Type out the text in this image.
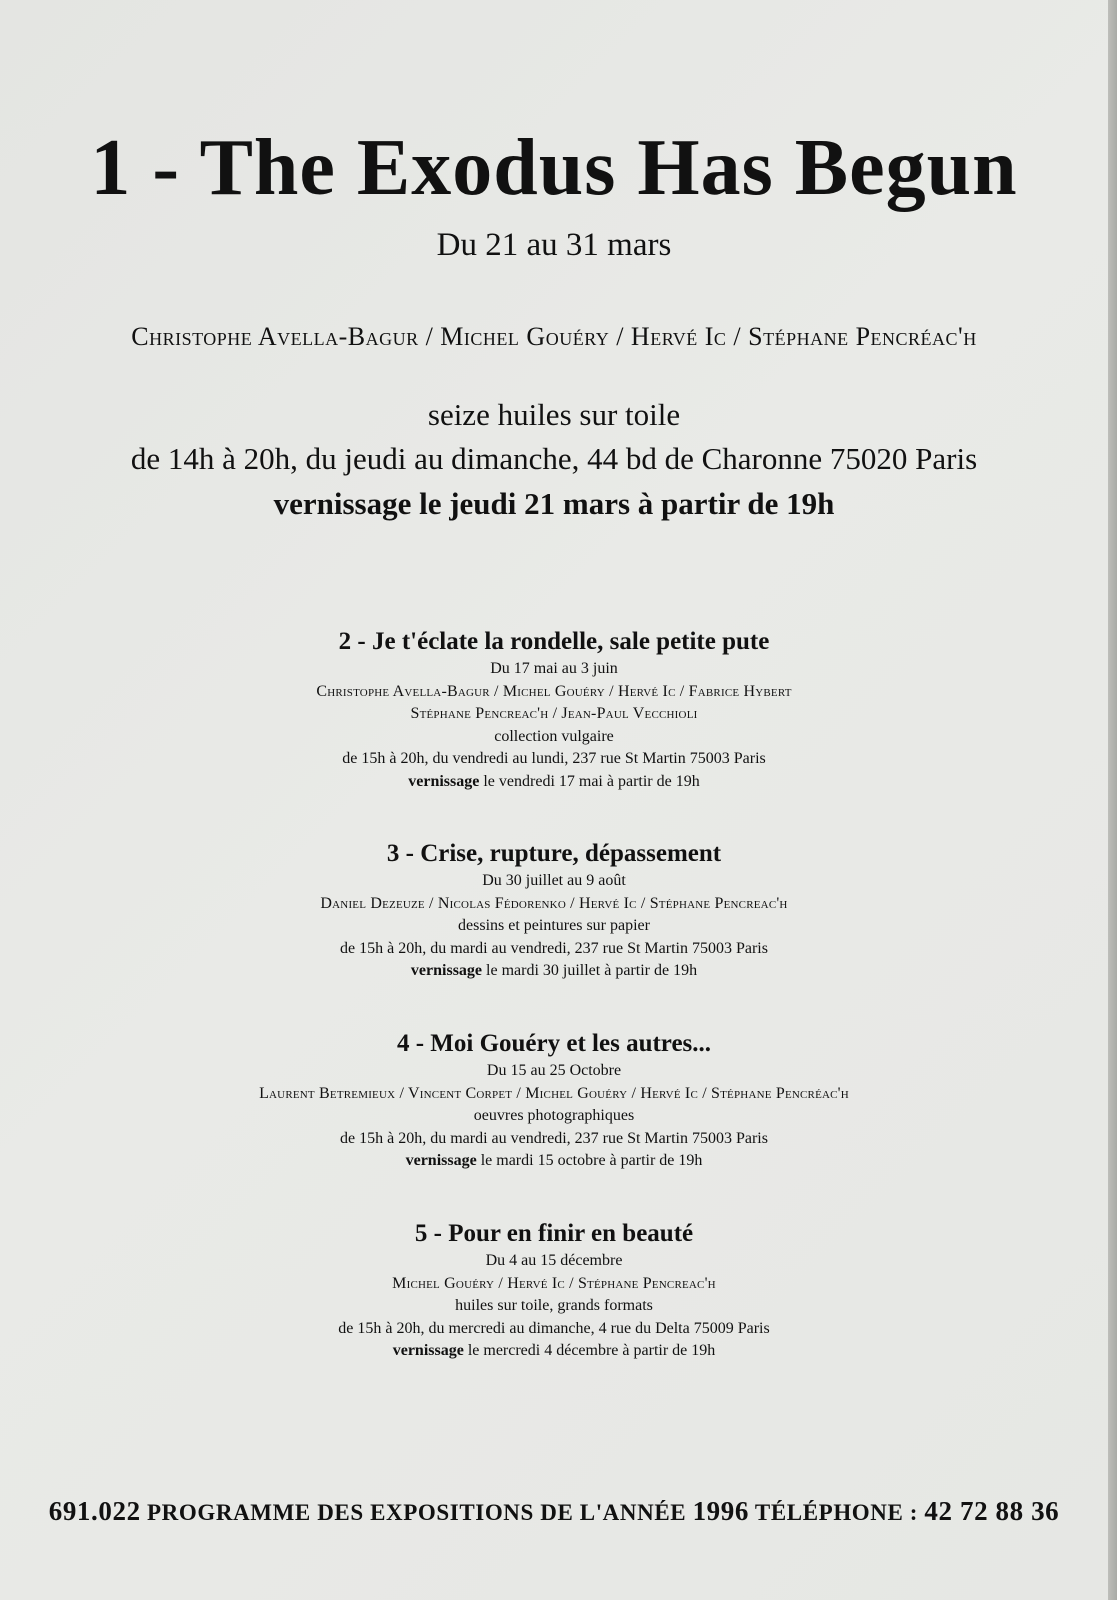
1 - The Exodus Has Begun
Du 21 au 31 mars
Christophe Avella-Bagur / Michel Gouéry / Hervé Ic / Stéphane Pencréac'h
seize huiles sur toile
de 14h à 20h, du jeudi au dimanche, 44 bd de Charonne 75020 Paris
vernissage le jeudi 21 mars à partir de 19h
2 - Je t'éclate la rondelle, sale petite pute
Du 17 mai au 3 juin
Christophe Avella-Bagur / Michel Gouéry / Hervé Ic / Fabrice Hybert
Stéphane Pencreac'h / Jean-Paul Vecchioli
collection vulgaire
de 15h à 20h, du vendredi au lundi, 237 rue St Martin 75003 Paris
vernissage le vendredi 17 mai à partir de 19h
3 - Crise, rupture, dépassement
Du 30 juillet au 9 août
Daniel Dezeuze / Nicolas Fédorenko / Hervé Ic / Stéphane Pencreac'h
dessins et peintures sur papier
de 15h à 20h, du mardi au vendredi, 237 rue St Martin 75003 Paris
vernissage le mardi 30 juillet à partir de 19h
4 - Moi Gouéry et les autres...
Du 15 au 25 Octobre
Laurent Betremieux / Vincent Corpet / Michel Gouéry / Hervé Ic / Stéphane Pencréac'h
oeuvres photographiques
de 15h à 20h, du mardi au vendredi, 237 rue St Martin 75003 Paris
vernissage le mardi 15 octobre à partir de 19h
5 - Pour en finir en beauté
Du 4 au 15 décembre
Michel Gouéry / Hervé Ic / Stéphane Pencreac'h
huiles sur toile, grands formats
de 15h à 20h, du mercredi au dimanche, 4 rue du Delta 75009 Paris
vernissage le mercredi 4 décembre à partir de 19h
691.022 PROGRAMME DES EXPOSITIONS DE L'ANNÉE 1996 TÉLÉPHONE : 42 72 88 36
